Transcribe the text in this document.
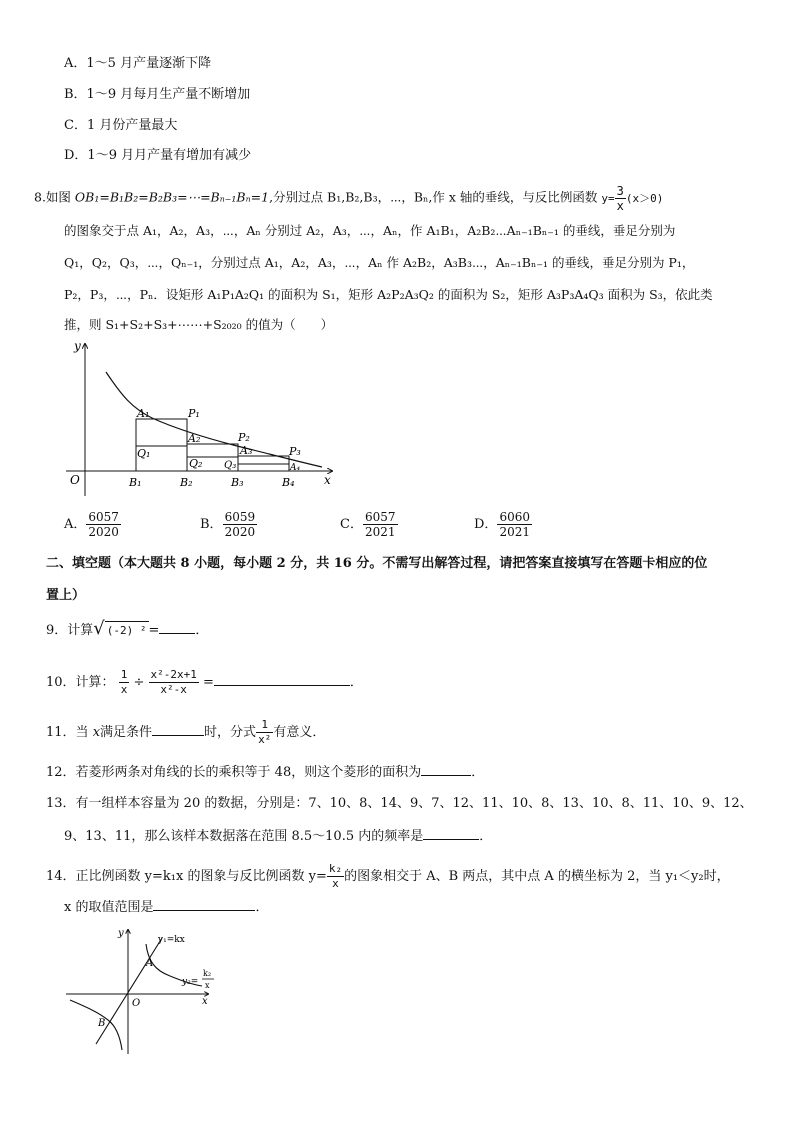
A．1～5 月产量逐渐下降
B．1～9 月每月生产量不断增加
C．1 月份产量最大
D．1～9 月月产量有增加有减少
8.如图 OB₁=B₁B₂=B₂B₃=⋯=Bₙ₋₁Bₙ=1,分别过点 B₁,B₂,B₃，⋯，Bₙ,作 x 轴的垂线，与反比例函数 $y= \frac{3}{x} (x>0)$
的图象交于点 A₁，A₂，A₃，⋯，Aₙ 分别过 A₂，A₃，⋯，Aₙ，作 A₁B₁，A₂B₂⋯Aₙ₋₁Bₙ₋₁ 的垂线，垂足分别为
Q₁，Q₂，Q₃，⋯，Qₙ₋₁，分别过点 A₁，A₂，A₃，⋯，Aₙ 作 A₂B₂，A₃B₃⋯，Aₙ₋₁Bₙ₋₁ 的垂线，垂足分别为 P₁，
P₂，P₃，⋯，Pₙ．设矩形 A₁P₁A₂Q₁ 的面积为 S₁，矩形 A₂P₂A₃Q₂ 的面积为 S₂，矩形 A₃P₃A₄Q₃ 面积为 S₃，依此类
推，则 S₁+S₂+S₃+⋯⋯+S₂₀₂₀ 的值为（　　）
y
x
O
A₁
A₂
A₃
A₄
P₁
P₂
P₃
Q₁
Q₂ Q₃
B₁	B₂	B₃	B₄
A． $\frac{6057}{2020}$	B． $\frac{6059}{2020}$	C． $\frac{6057}{2021}$	D． $\frac{6060}{2021}$
二、填空题（本大题共 8 小题，每小题 2 分，共 16 分。不需写出解答过程，请把答案直接填写在答题卡相应的位
置上）
9．计算√ (-2) ² =	．
10．计算： $\frac{1}{x} \div \frac{\text{x²-2x+1}}{\text{x²-x}}$ =	．
11．当 x满足条件	时，分式 $\frac{1}{\text{x²}}$ 有意义．
12．若菱形两条对角线的长的乘积等于 48，则这个菱形的面积为	．
13．有一组样本容量为 20 的数据，分别是：7、10、8、14、9、7、12、11、10、8、13、10、8、11、10、9、12、
9、13、11，那么该样本数据落在范围 8.5～10.5 内的频率是	．
14．正比例函数 y=k₁x 的图象与反比例函数 $y= \frac{\text{k₂}}{x}$ 的图象相交于 A、B 两点，其中点 A 的横坐标为 2，当 y₁＜y₂时，
x 的取值范围是	．
y
x
O
A
B
y₁=kx
y₂=
k₂
x
